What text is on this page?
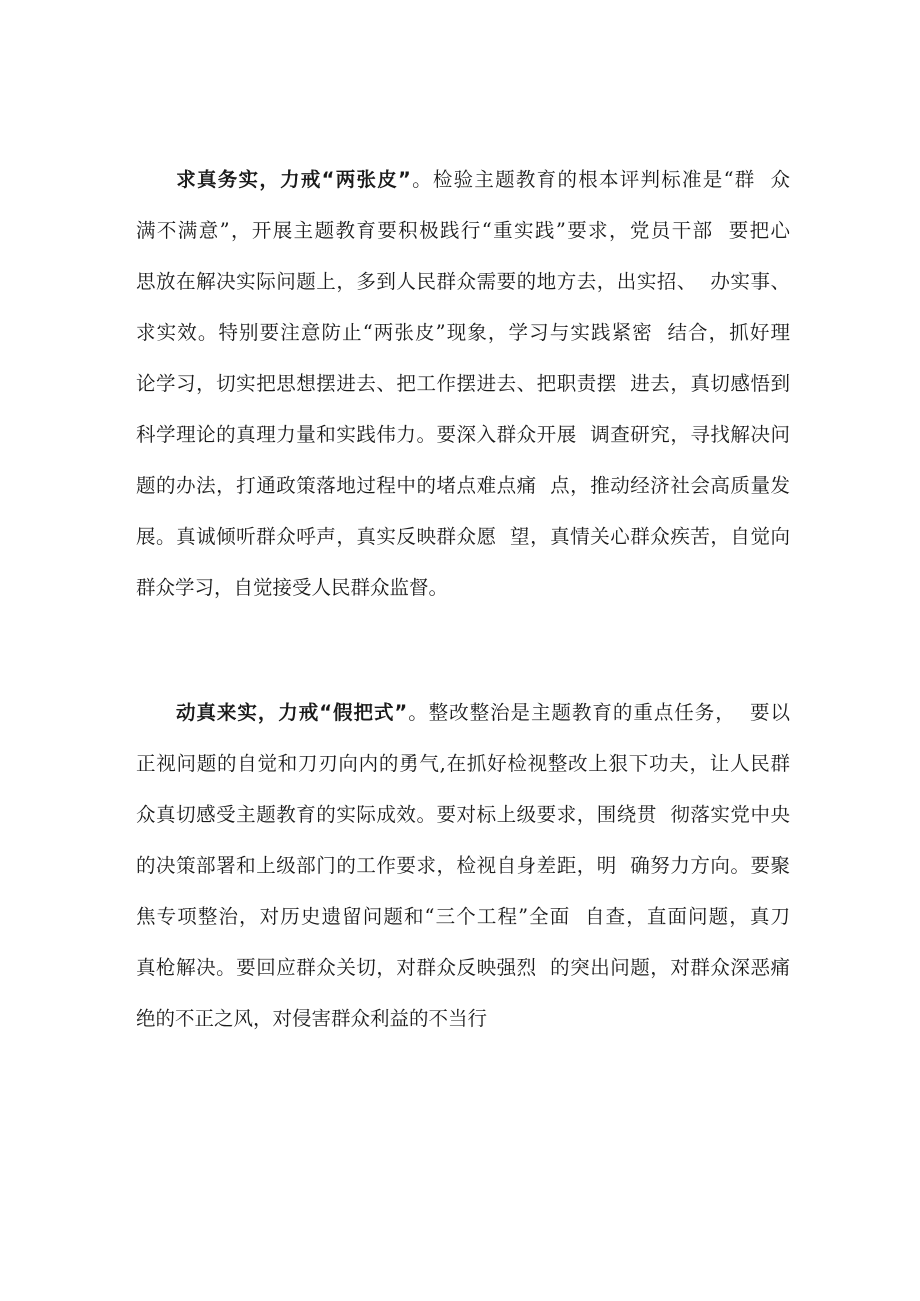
求真务实，力戒“两张皮”。检验主题教育的根本评判标准是“群  众
满不满意”，开展主题教育要积极践行“重实践”要求，党员干部  要把心
思放在解决实际问题上，多到人民群众需要的地方去，出实招、  办实事、
求实效。特别要注意防止“两张皮”现象，学习与实践紧密  结合，抓好理
论学习，切实把思想摆进去、把工作摆进去、把职责摆  进去，真切感悟到
科学理论的真理力量和实践伟力。要深入群众开展  调查研究，寻找解决问
题的办法，打通政策落地过程中的堵点难点痛  点，推动经济社会高质量发
展。真诚倾听群众呼声，真实反映群众愿  望，真情关心群众疾苦，自觉向
群众学习，自觉接受人民群众监督。
动真来实，力戒“假把式”。整改整治是主题教育的重点任务，  要以
正视问题的自觉和刀刃向内的勇气,在抓好检视整改上狠下功夫，让人民群
众真切感受主题教育的实际成效。要对标上级要求，围绕贯  彻落实党中央
的决策部署和上级部门的工作要求，检视自身差距，明  确努力方向。要聚
焦专项整治，对历史遗留问题和“三个工程”全面  自查，直面问题，真刀
真枪解决。要回应群众关切，对群众反映强烈  的突出问题，对群众深恶痛
绝的不正之风，对侵害群众利益的不当行
